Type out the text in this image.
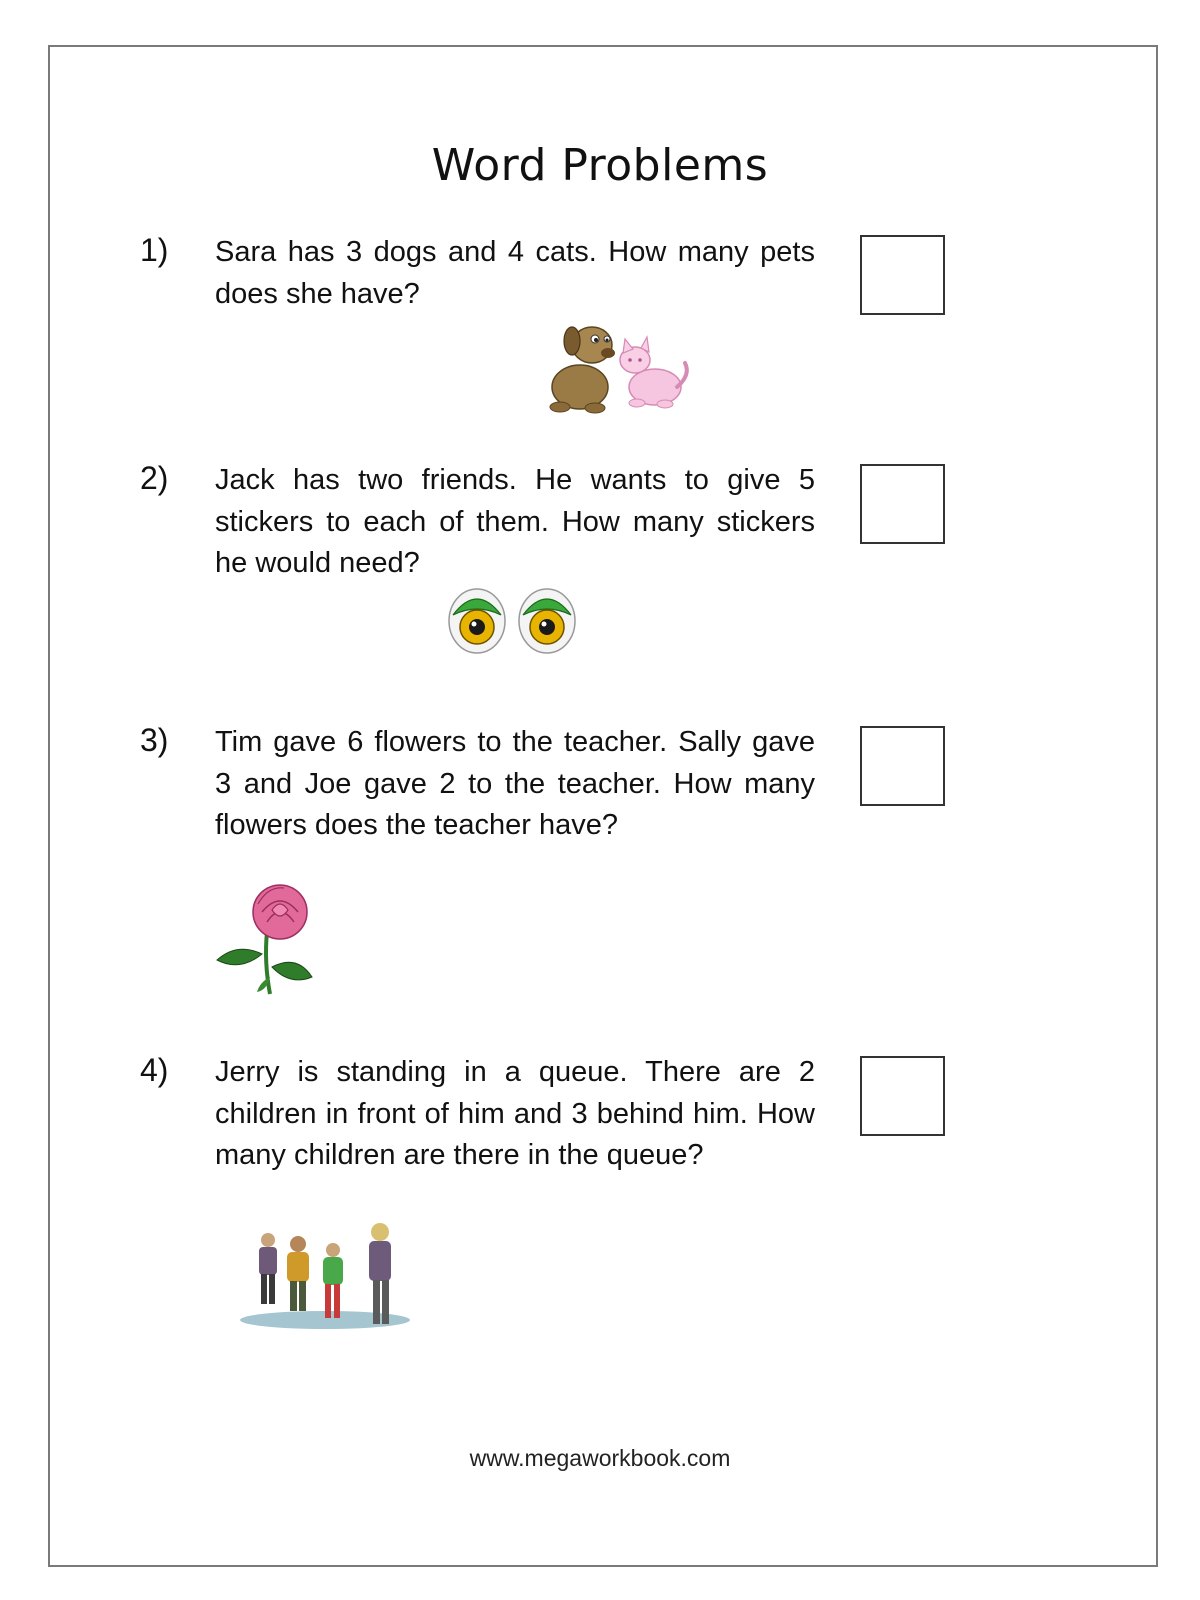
Word Problems
1) Sara has 3 dogs and 4 cats. How many pets does she have?
2) Jack has two friends. He wants to give 5 stickers to each of them. How many stickers he would need?
3) Tim gave 6 flowers to the teacher. Sally gave 3 and Joe gave 2 to the teacher. How many flowers does the teacher have?
4) Jerry is standing in a queue. There are 2 children in front of him and 3 behind him. How many children are there in the queue?
www.megaworkbook.com
